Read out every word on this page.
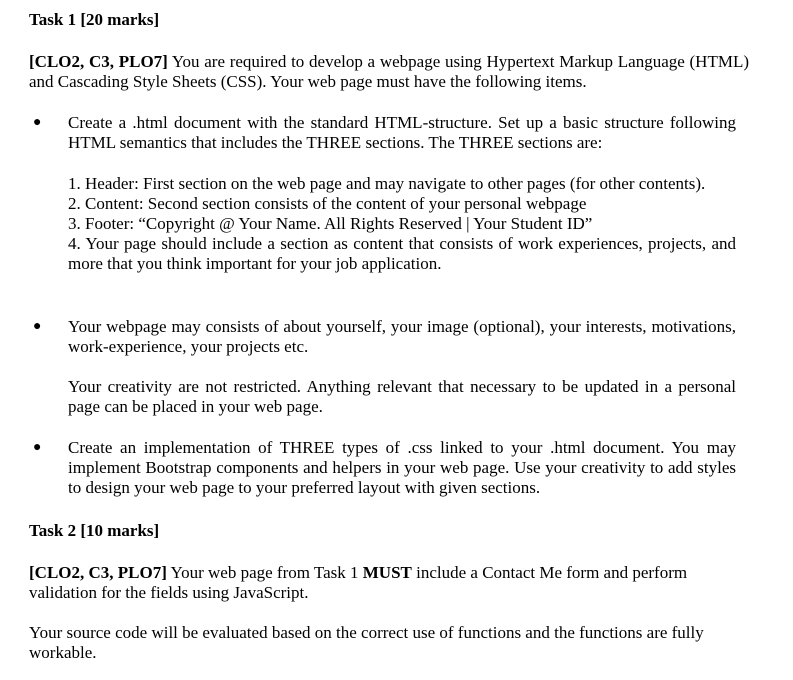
Task 1 [20 marks]
[CLO2, C3, PLO7] You are required to develop a webpage using Hypertext Markup Language (HTML) and Cascading Style Sheets (CSS). Your web page must have the following items.
● Create a .html document with the standard HTML-structure. Set up a basic structure following HTML semantics that includes the THREE sections. The THREE sections are:
1. Header: First section on the web page and may navigate to other pages (for other contents).
2. Content: Second section consists of the content of your personal webpage
3. Footer: “Copyright @ Your Name. All Rights Reserved | Your Student ID”
4. Your page should include a section as content that consists of work experiences, projects, and more that you think important for your job application.
● Your webpage may consists of about yourself, your image (optional), your interests, motivations, work-experience, your projects etc.
Your creativity are not restricted. Anything relevant that necessary to be updated in a personal page can be placed in your web page.
● Create an implementation of THREE types of .css linked to your .html document. You may implement Bootstrap components and helpers in your web page. Use your creativity to add styles to design your web page to your preferred layout with given sections.
Task 2 [10 marks]
[CLO2, C3, PLO7] Your web page from Task 1 MUST include a Contact Me form and perform validation for the fields using JavaScript.
Your source code will be evaluated based on the correct use of functions and the functions are fully workable.
